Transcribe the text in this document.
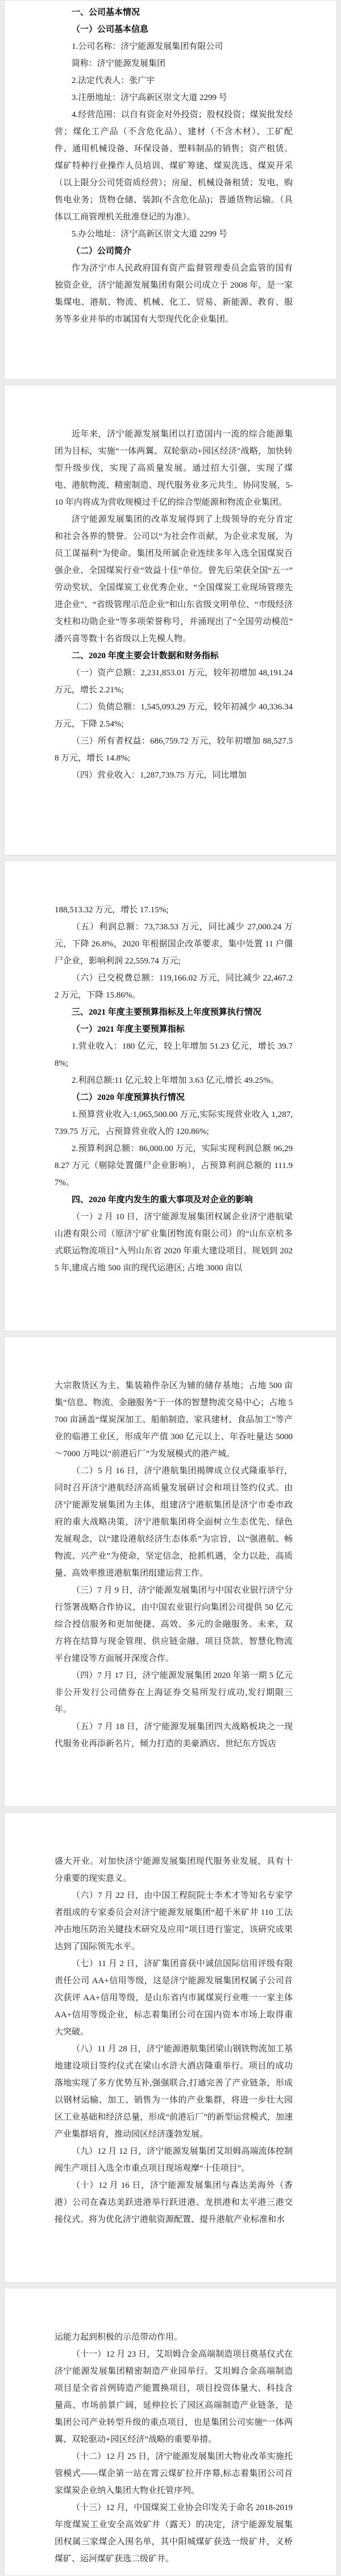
一、公司基本情况

（一）公司基本信息

1.公司名称：济宁能源发展集团有限公司

简称：济宁能源发展集团

2.法定代表人：张广宇

3.注册地址：济宁高新区崇文大道 2299 号

4.经营范围：以自有资金对外投资；股权投资；煤炭批发经营；煤化工产品（不含危化品）、建材（不含木材）、工矿配件、通用机械设备、环保设备、塑料制品的销售；资产租赁。煤矿特种行业操作人员培训、煤矿筹建、煤炭洗选、煤炭开采（以上限分公司凭资质经营）；房屋、机械设备租赁；发电、购售电业务；货物仓储、装卸(不含危化品)；普通货物运输。（具体以工商管理机关批准登记的为准）。

5.办公地址：济宁高新区崇文大道 2299 号

（二）公司简介

作为济宁市人民政府国有资产监督管理委员会监管的国有独资企业，济宁能源发展集团有限公司成立于 2008 年，是一家集煤电、港航、物流、机械、化工、贸易、新能源、教育、服务等多业并举的市属国有大型现代化企业集团。

近年来，济宁能源发展集团以打造国内一流的综合能源集团为目标，实施“一体两翼、双轮驱动+园区经济"战略，加快转型升级步伐，实现了高质量发展。通过招大引强，实现了煤电、港航物流、精密制造、现代服务业多元共生、协同发展，5-10 年内将成为营收规模过千亿的综合型能源和物流企业集团。

济宁能源发展集团的改革发展得到了上级领导的充分肯定和社会各界的赞誉。公司以“为社会作贡献，为企业求发展，为员工谋福利”为使命。集团及所属企业连续多年入选全国煤炭百强企业、全国煤炭行业“效益十佳”单位。曾先后荣获全国“五一”劳动奖状、全国煤炭工业优秀企业、“全国煤炭工业现场管理先进企业”、“省级管理示范企业”和山东省级文明单位、“市级经济支柱和功勋企业”等多项荣誉称号，并涌现出了“全国劳动模范”潘兴喜等数十名省级以上先模人物。

二、2020 年度主要会计数据和财务指标

（一）资产总额：2,231,853.01 万元，较年初增加 48,191.24 万元，增长 2.21%;

（二）负债总额：1,545,093.29 万元，较年初减少 40,336.34 万元，下降 2.54%;

（三）所有者权益：686,759.72 万元，较年初增加 88,527.58 万元，增长 14.8%;

（四）营业收入：1,287,739.75 万元，同比增加

188,513.32 万元，增长 17.15%;

（五）利润总额：73,738.53 万元，同比减少 27,000.24 万元，下降 26.8%，2020 年根据国企改革要求，集中处置 11 户僵尸企业，影响利润 22,559.74 万元;

（六）已交税费总额：119,166.02 万元，同比减少 22,467.22 万元，下降 15.86%。

三、2021 年度主要预算指标及上年度预算执行情况

（一）2021 年度主要预算指标

1.营业收入：180 亿元，较上年增加 51.23 亿元，增长 39.78%;

2.利润总额:11 亿元,较上年增加 3.63 亿元,增长 49.25%。

（二）2020 年度预算执行情况

1.预算营业收入:1,065,500.00 万元,实际实现营业收入 1,287,739.75 万元，占预算营业收入的 120.86%;

2.预算利润总额：86,000.00 万元，实际实现利润总额 96,298.27 万元（剔除处置僵尸企业影响），占预算利润总额的 111.97%。

四、2020 年度内发生的重大事项及对企业的影响

（一）2 月 10 日，济宁能源发展集团权属企业济宁港航梁山港有限公司（原济宁矿业集团物流有限公司）的“山东京杭多式联运物流项目”入列山东省 2020 年重大建设项目。规划到 2025 年,建成占地 500 亩的现代运港区; 占地 3000 亩以

大宗散货区为主、集装箱件杂区为辅的储存基地；占地 500 亩集“信息、物流、金融服务”于一体的智慧物流交易中心；占地 5700 亩涵盖“煤炭深加工、船舶制造、家具建材、食品加工”等产业的临港工业区，形成年产值 300 亿元以上、年吞吐量达 5000～7000 万吨以“前港后厂”为发展模式的港产城。

（二）5 月 16 日，济宁港航集团揭牌成立仪式隆重举行，同时召开济宁港航经济高质量发展研讨会和项目签约仪式。由济宁能源发展集团为主体，组建济宁港航集团是济宁市委市政府的重大战略决策，济宁港航集团将全面树立生态优先、绿色发展观念，以“建设港航经济生态体系”为宗旨，以“强港航、畅物流、兴产业”为使命，坚定信念，抢抓机遇，全力以赴，高质量、高效率推进港航集团组建运营工作。

（三）7 月 9 日，济宁能源发展集团与中国农业银行济宁分行签署战略合作协议，由中国农业银行向集团公司提供 50 亿元综合授信服务和更加便捷、高效、多元的金融服务。未来，双方将在结算与现金管理、供应链金融、项目贷款、智慧化物流平台建设等方面展开深度合作。

（四）7 月 17 日，济宁能源发展集团 2020 年第一期 5 亿元非公开发行公司债券在上海证券交易所发行成功,发行期限三年。

（五）7 月 18 日，济宁能源发展集团四大战略板块之一现代服务业再添新名片，倾力打造的美豪酒店、世纪东方饭店

盛大开业。对加快济宁能源发展集团现代服务业发展，具有十分重要的现实意义。

（六）7 月 22 日，由中国工程院院士李术才等知名专家学者组成的专家委员会对济宁能源发展集团“超千米矿井 110 工法冲击地压防治关键技术研究及应用”项目进行鉴定，该研究成果达到了国际领先水平。

（七）11 月 2 日，济矿集团喜获中诚信国际信用评级有限责任公司 AA+信用等级，这是济宁能源发展集团权属子公司首次获评 AA+信用等级，是山东省内市属煤炭行业唯一一家主体 AA+信用等级企业，标志着集团公司在国内资本市场上取得重大突破。

（八）11 月 28 日，济宁能源港航集团梁山钢铁物流加工基地建设项目签约仪式在梁山水浒大酒店隆重举行。项目的成功落地实现了多方优势互补,强强联合,打通完善了产业链条，形成以钢材运输、加工、销售为一体的产业集群，将进一步壮大园区工业基础和经济总量，形成“前港后厂”的新型运营模式，加速产业集群培育，推动园区经济蓬勃发展。

（九）12 月 12 日，济宁能源发展集团艾坦姆高端流体控制阀生产项目入选全市重点项目现场观摩“十佳项目”。

（十）12 月 16 日，济宁能源发展集团与森达美海外（香港）公司在森达美跃进港举行跃进港、龙拱港和太平港三港交接仪式。将为优化济宁港航资源配置、提升港航产业标准和水

运能力起到积极的示范带动作用。

（十一）12 月 23 日，艾坦姆合金高端制造项目奠基仪式在济宁能源发展集团精密制造产业园举行。艾坦姆合金高端制造项目是全省首例铸造产能置换项目，项目投资体量大、科技含量高、市场前景广阔，延伸拉长了园区高端制造产业链条，是集团公司产业转型升级的重点项目，也是集团公司实施“一体两翼、双轮驱动+园区经济”战略的重要举措。

（十二）12 月 25 日，济宁能源发展集团大物业改革实施托管模式——煤企第一站在霄云煤矿拉开序幕,标志着集团公司首家煤炭企业纳入集团大物业托管序列。

（十三）12 月，中国煤炭工业协会印发关于命名 2018-2019 年度煤炭工业安全高效矿井（露天）的决定，济宁能源发展集团权属三家煤企入围名单，其中阳城煤矿获选一级矿井，义桥煤矿、运河煤矿获选二级矿井。
